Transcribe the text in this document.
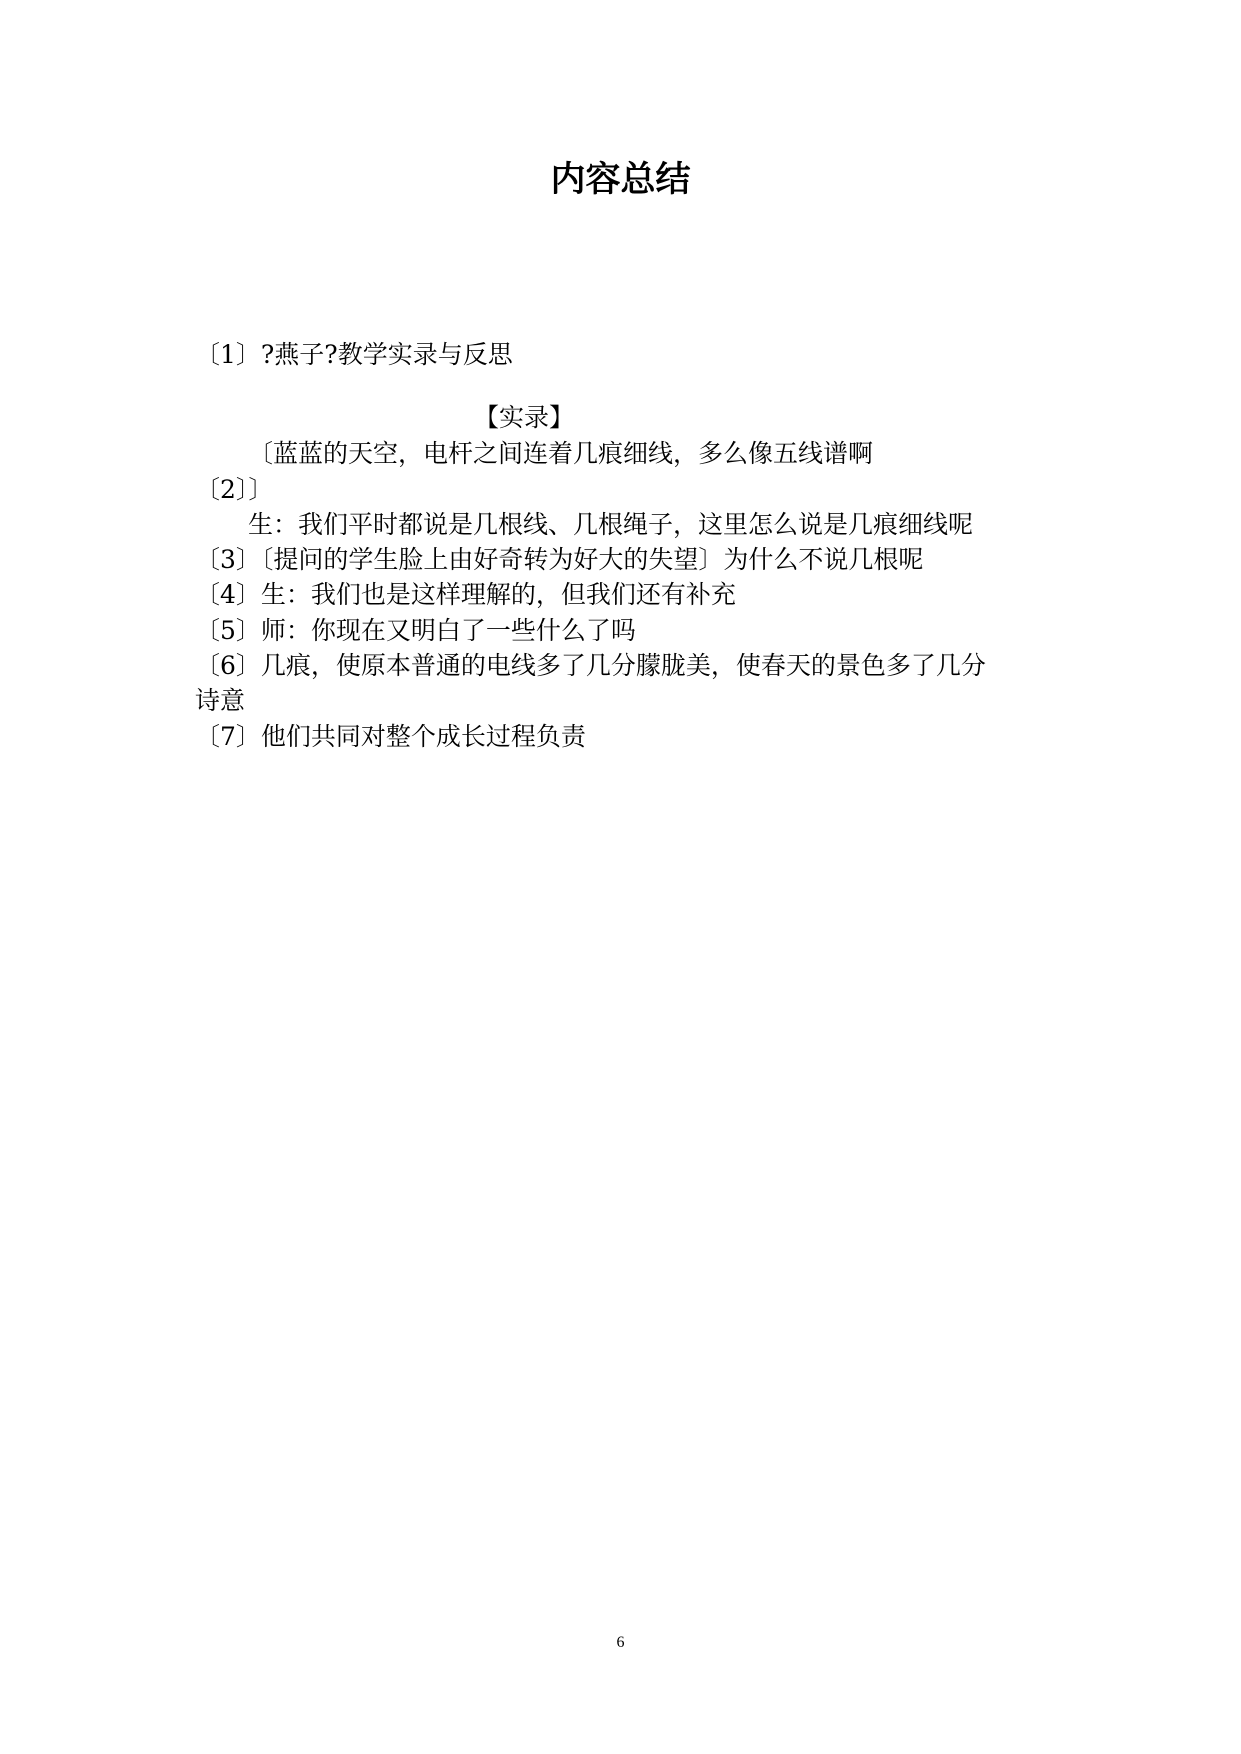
内容总结
〔1〕?燕子?教学实录与反思
【实录】
〔蓝蓝的天空，电杆之间连着几痕细线，多么像五线谱啊
〔2〕〕
生：我们平时都说是几根线、几根绳子，这里怎么说是几痕细线呢
〔3〕〔提问的学生脸上由好奇转为好大的失望〕为什么不说几根呢
〔4〕生：我们也是这样理解的，但我们还有补充
〔5〕师：你现在又明白了一些什么了吗
〔6〕几痕，使原本普通的电线多了几分朦胧美，使春天的景色多了几分
诗意
〔7〕他们共同对整个成长过程负责
6
